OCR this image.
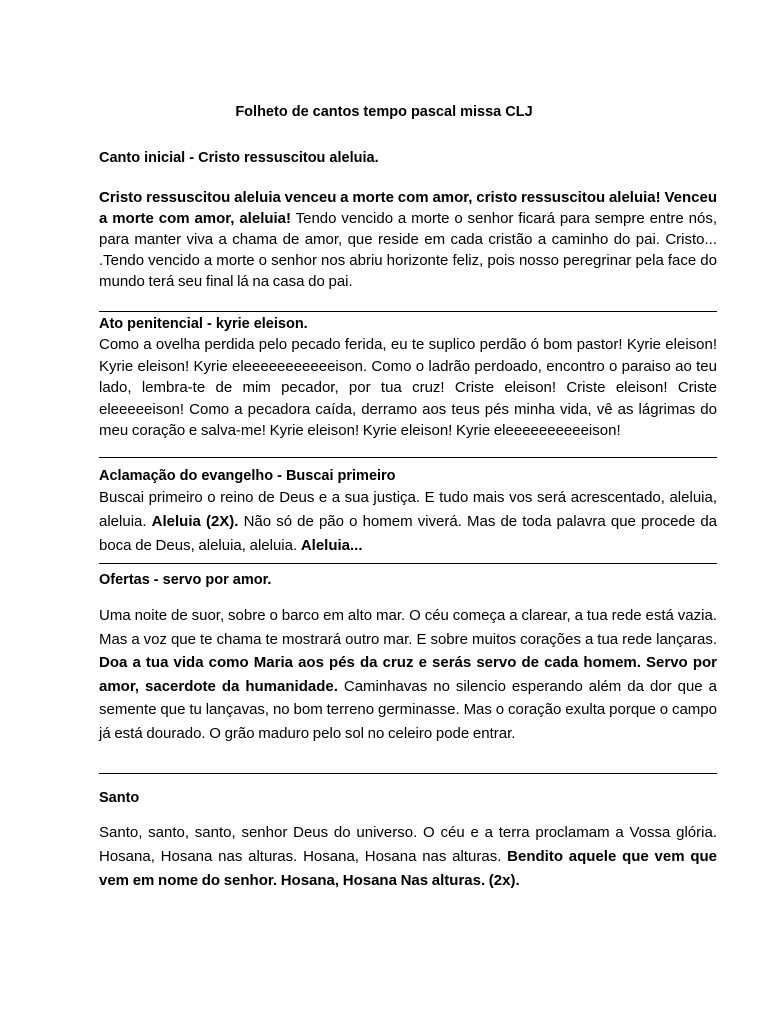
Folheto de cantos tempo pascal missa CLJ
Canto inicial - Cristo ressuscitou aleluia.
Cristo ressuscitou aleluia venceu a morte com amor, cristo ressuscitou aleluia! Venceu a morte com amor, aleluia! Tendo vencido a morte o senhor ficará para sempre entre nós, para manter viva a chama de amor, que reside em cada cristão a caminho do pai. Cristo... .Tendo vencido a morte o senhor nos abriu horizonte feliz, pois nosso peregrinar pela face do mundo terá seu final lá na casa do pai.
Ato penitencial - kyrie eleison.
Como a ovelha perdida pelo pecado ferida, eu te suplico perdão ó bom pastor! Kyrie eleison! Kyrie eleison! Kyrie eleeeeeeeeeeeison. Como o ladrão perdoado, encontro o paraiso ao teu lado, lembra-te de mim pecador, por tua cruz! Criste eleison! Criste eleison! Criste eleeeeeison! Como a pecadora caída, derramo aos teus pés minha vida, vê as lágrimas do meu coração e salva-me! Kyrie eleison! Kyrie eleison! Kyrie eleeeeeeeeeeison!
Aclamação do evangelho - Buscai primeiro
Buscai primeiro o reino de Deus e a sua justiça. E tudo mais vos será acrescentado, aleluia, aleluia. Aleluia (2X). Não só de pão o homem viverá. Mas de toda palavra que procede da boca de Deus, aleluia, aleluia. Aleluia...
Ofertas - servo por amor.
Uma noite de suor, sobre o barco em alto mar. O céu começa a clarear, a tua rede está vazia. Mas a voz que te chama te mostrará outro mar. E sobre muitos corações a tua rede lançaras. Doa a tua vida como Maria aos pés da cruz e serás servo de cada homem. Servo por amor, sacerdote da humanidade. Caminhavas no silencio esperando além da dor que a semente que tu lançavas, no bom terreno germinasse. Mas o coração exulta porque o campo já está dourado. O grão maduro pelo sol no celeiro pode entrar.
Santo
Santo, santo, santo, senhor Deus do universo. O céu e a terra proclamam a Vossa glória. Hosana, Hosana nas alturas. Hosana, Hosana nas alturas. Bendito aquele que vem que vem em nome do senhor. Hosana, Hosana Nas alturas. (2x).
